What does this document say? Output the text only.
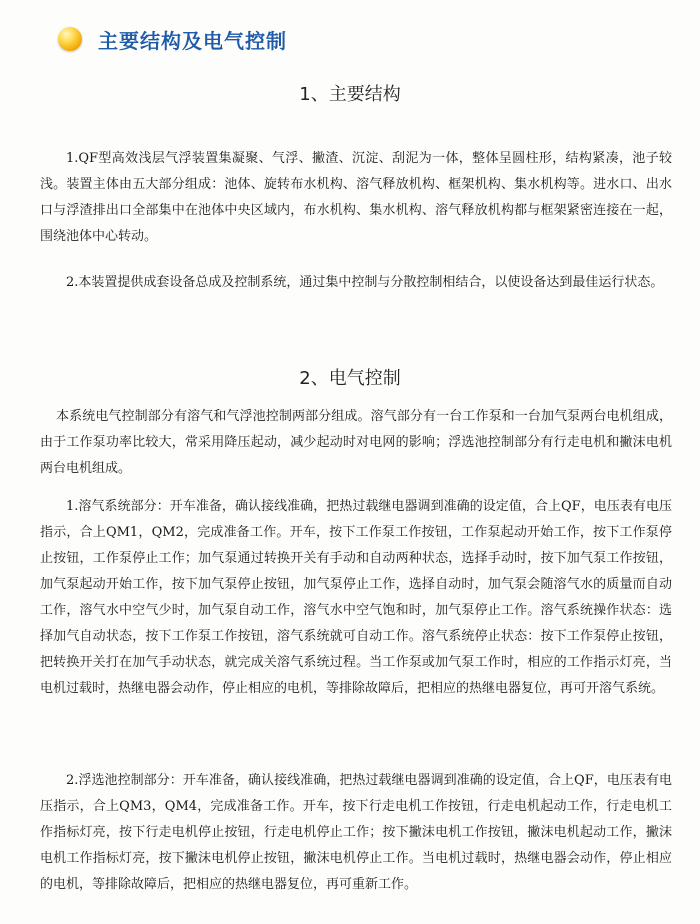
主要结构及电气控制
1、主要结构
1.QF型高效浅层气浮装置集凝聚、气浮、撇渣、沉淀、刮泥为一体，整体呈圆柱形，结构紧凑，池子较浅。装置主体由五大部分组成：池体、旋转布水机构、溶气释放机构、框架机构、集水机构等。进水口、出水口与浮渣排出口全部集中在池体中央区域内，布水机构、集水机构、溶气释放机构都与框架紧密连接在一起，围绕池体中心转动。
2.本装置提供成套设备总成及控制系统，通过集中控制与分散控制相结合，以使设备达到最佳运行状态。
2、电气控制
本系统电气控制部分有溶气和气浮池控制两部分组成。溶气部分有一台工作泵和一台加气泵两台电机组成，由于工作泵功率比较大，常采用降压起动，减少起动时对电网的影响；浮选池控制部分有行走电机和撇沫电机两台电机组成。
1.溶气系统部分：开车准备，确认接线准确，把热过载继电器调到准确的设定值，合上QF，电压表有电压指示，合上QM1，QM2，完成准备工作。开车，按下工作泵工作按钮，工作泵起动开始工作，按下工作泵停止按钮，工作泵停止工作；加气泵通过转换开关有手动和自动两种状态，选择手动时，按下加气泵工作按钮，加气泵起动开始工作，按下加气泵停止按钮，加气泵停止工作，选择自动时，加气泵会随溶气水的质量而自动工作，溶气水中空气少时，加气泵自动工作，溶气水中空气饱和时，加气泵停止工作。溶气系统操作状态：选择加气自动状态，按下工作泵工作按钮，溶气系统就可自动工作。溶气系统停止状态：按下工作泵停止按钮，把转换开关打在加气手动状态，就完成关溶气系统过程。当工作泵或加气泵工作时，相应的工作指示灯亮，当电机过载时，热继电器会动作，停止相应的电机，等排除故障后，把相应的热继电器复位，再可开溶气系统。
2.浮选池控制部分：开车准备，确认接线准确，把热过载继电器调到准确的设定值，合上QF，电压表有电压指示，合上QM3，QM4，完成准备工作。开车，按下行走电机工作按钮，行走电机起动工作，行走电机工作指标灯亮，按下行走电机停止按钮，行走电机停止工作；按下撇沫电机工作按钮，撇沫电机起动工作，撇沫电机工作指标灯亮，按下撇沫电机停止按钮，撇沫电机停止工作。当电机过载时，热继电器会动作，停止相应的电机，等排除故障后，把相应的热继电器复位，再可重新工作。
